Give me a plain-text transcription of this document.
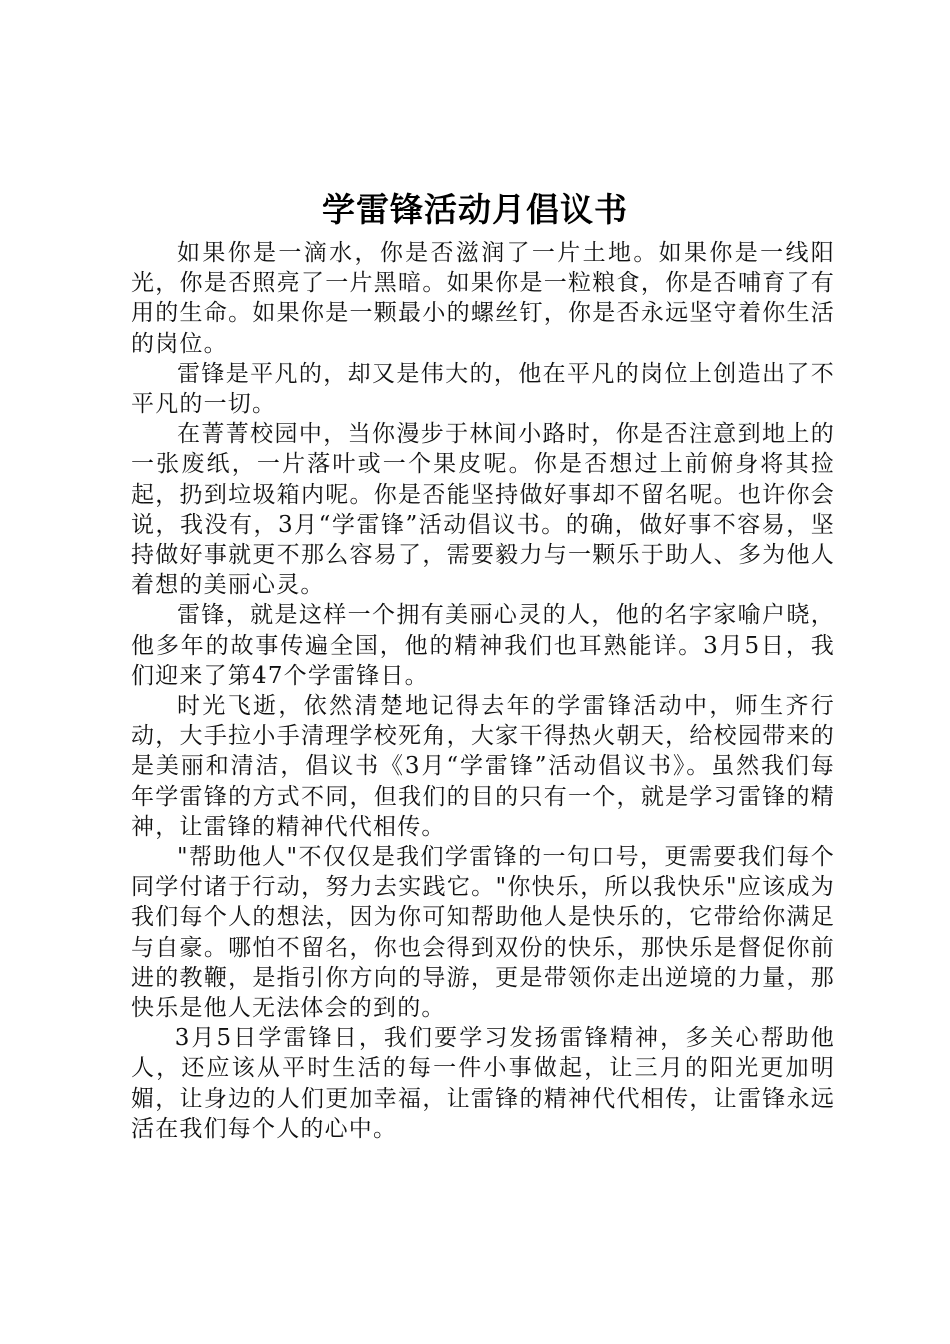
学雷锋活动月倡议书

如果你是一滴水，你是否滋润了一片土地。如果你是一线阳光，你是否照亮了一片黑暗。如果你是一粒粮食，你是否哺育了有用的生命。如果你是一颗最小的螺丝钉，你是否永远坚守着你生活的岗位。

雷锋是平凡的，却又是伟大的，他在平凡的岗位上创造出了不平凡的一切。

在菁菁校园中，当你漫步于林间小路时，你是否注意到地上的一张废纸，一片落叶或一个果皮呢。你是否想过上前俯身将其捡起，扔到垃圾箱内呢。你是否能坚持做好事却不留名呢。也许你会说，我没有，3月“学雷锋”活动倡议书。的确，做好事不容易，坚持做好事就更不那么容易了，需要毅力与一颗乐于助人、多为他人着想的美丽心灵。

雷锋，就是这样一个拥有美丽心灵的人，他的名字家喻户晓，他多年的故事传遍全国，他的精神我们也耳熟能详。3月5日，我们迎来了第47个学雷锋日。

时光飞逝，依然清楚地记得去年的学雷锋活动中，师生齐行动，大手拉小手清理学校死角，大家干得热火朝天，给校园带来的是美丽和清洁，倡议书《3月“学雷锋”活动倡议书》。虽然我们每年学雷锋的方式不同，但我们的目的只有一个，就是学习雷锋的精神，让雷锋的精神代代相传。

"帮助他人"不仅仅是我们学雷锋的一句口号，更需要我们每个同学付诸于行动，努力去实践它。"你快乐，所以我快乐"应该成为我们每个人的想法，因为你可知帮助他人是快乐的，它带给你满足与自豪。哪怕不留名，你也会得到双份的快乐，那快乐是督促你前进的教鞭，是指引你方向的导游，更是带领你走出逆境的力量，那快乐是他人无法体会的到的。

3月5日学雷锋日，我们要学习发扬雷锋精神，多关心帮助他人，还应该从平时生活的每一件小事做起，让三月的阳光更加明媚，让身边的人们更加幸福，让雷锋的精神代代相传，让雷锋永远活在我们每个人的心中。
